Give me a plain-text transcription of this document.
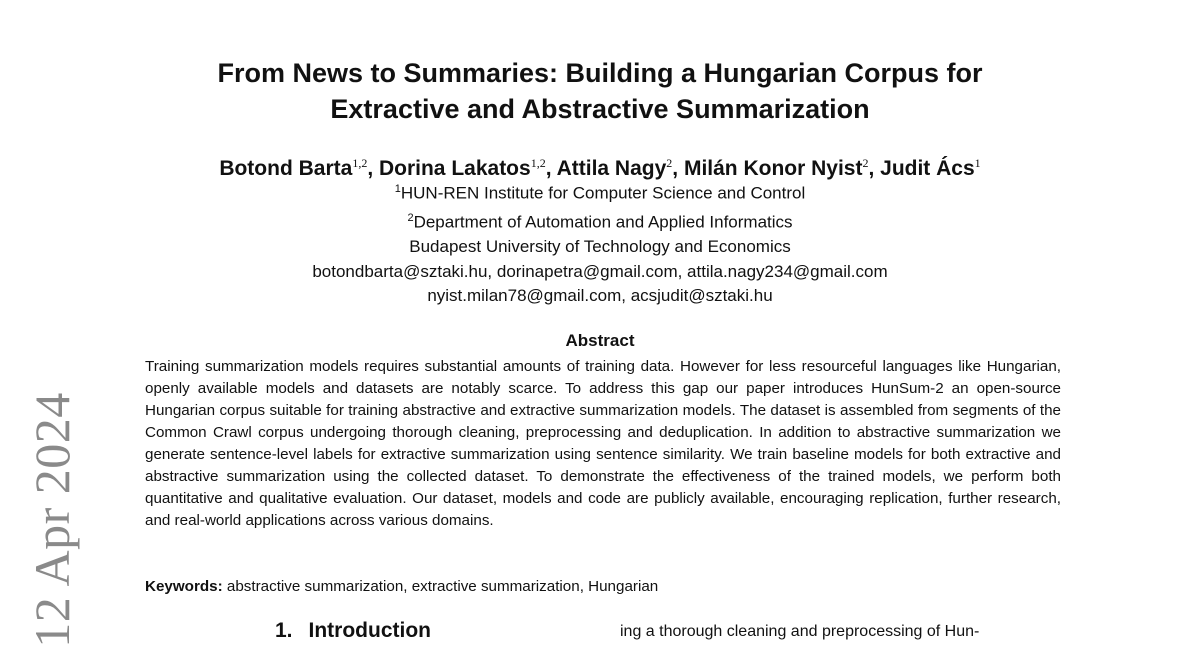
12 Apr 2024
From News to Summaries: Building a Hungarian Corpus for
Extractive and Abstractive Summarization
Botond Barta$^{1,2}$, Dorina Lakatos$^{1,2}$, Attila Nagy$^2$, Milán Konor Nyist$^2$, Judit Ács$^1$
$^1$HUN-REN Institute for Computer Science and Control
$^2$Department of Automation and Applied Informatics
Budapest University of Technology and Economics
botondbarta@sztaki.hu, dorinapetra@gmail.com, attila.nagy234@gmail.com
nyist.milan78@gmail.com, acsjudit@sztaki.hu
Abstract

Training summarization models requires substantial amounts of training data. However for less resourceful languages like Hungarian, openly available models and datasets are notably scarce. To address this gap our paper introduces HunSum-2 an open-source Hungarian corpus suitable for training abstractive and extractive summarization models. The dataset is assembled from segments of the Common Crawl corpus undergoing thorough cleaning, preprocessing and deduplication. In addition to abstractive summarization we generate sentence-level labels for extractive summarization using sentence similarity. We train baseline models for both extractive and abstractive summarization using the collected dataset. To demonstrate the effectiveness of the trained models, we perform both quantitative and qualitative evaluation. Our dataset, models and code are publicly available, encouraging replication, further research, and real-world applications across various domains.

Keywords: abstractive summarization, extractive summarization, Hungarian
1. Introduction	ing a thorough cleaning and preprocessing of Hun-
